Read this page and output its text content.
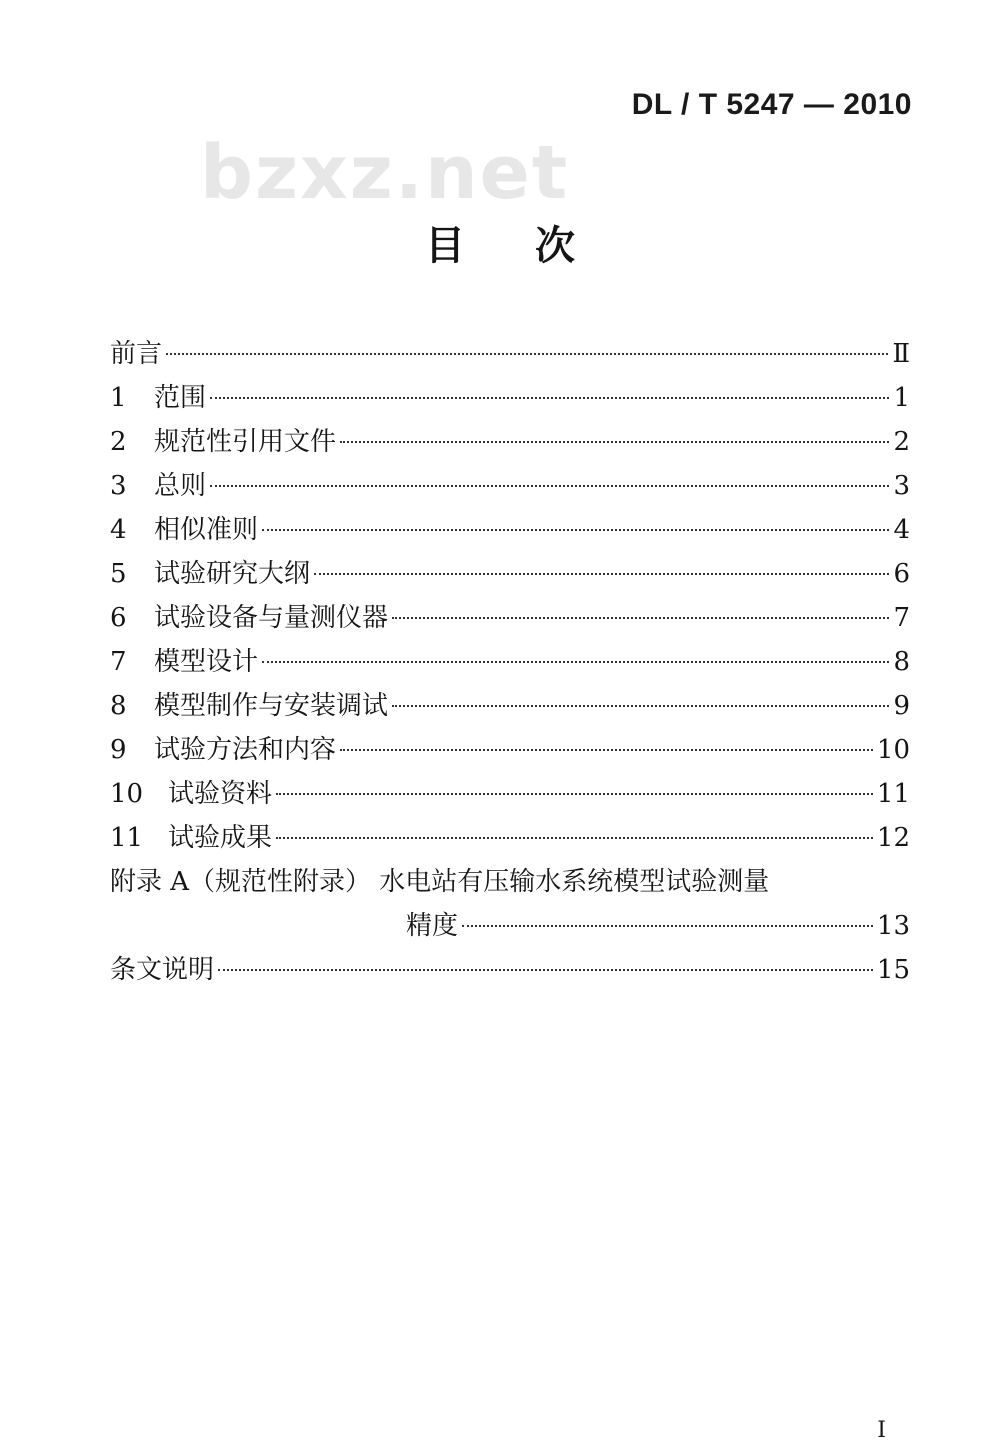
DL / T 5247 — 2010
bzxz.net
目 次
前言	Ⅱ
1	范围	1
2	规范性引用文件	2
3	总则	3
4	相似准则	4
5	试验研究大纲	6
6	试验设备与量测仪器	7
7	模型设计	8
8	模型制作与安装调试	9
9	试验方法和内容	10
10 试验资料	11
11 试验成果	12
附录 A（规范性附录） 水电站有压输水系统模型试验测量
精度	13
条文说明	15
I
